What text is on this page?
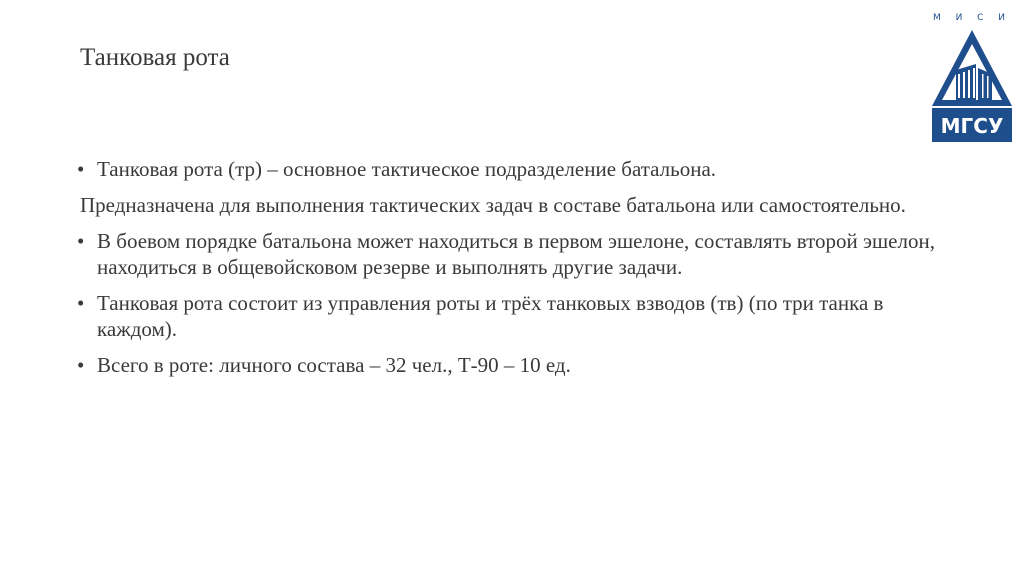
Танковая рота
М И С И
МГСУ
• Танковая рота (тр) – основное тактическое подразделение батальона.
Предназначена для выполнения тактических задач в составе батальона или самостоятельно.
• В боевом порядке батальона может находиться в первом эшелоне, составлять второй эшелон, находиться в общевойсковом резерве и выполнять другие задачи.
• Танковая рота состоит из управления роты и трёх танковых взводов (тв) (по три танка в каждом).
• Всего в роте: личного состава – 32 чел., Т-90 – 10 ед.
